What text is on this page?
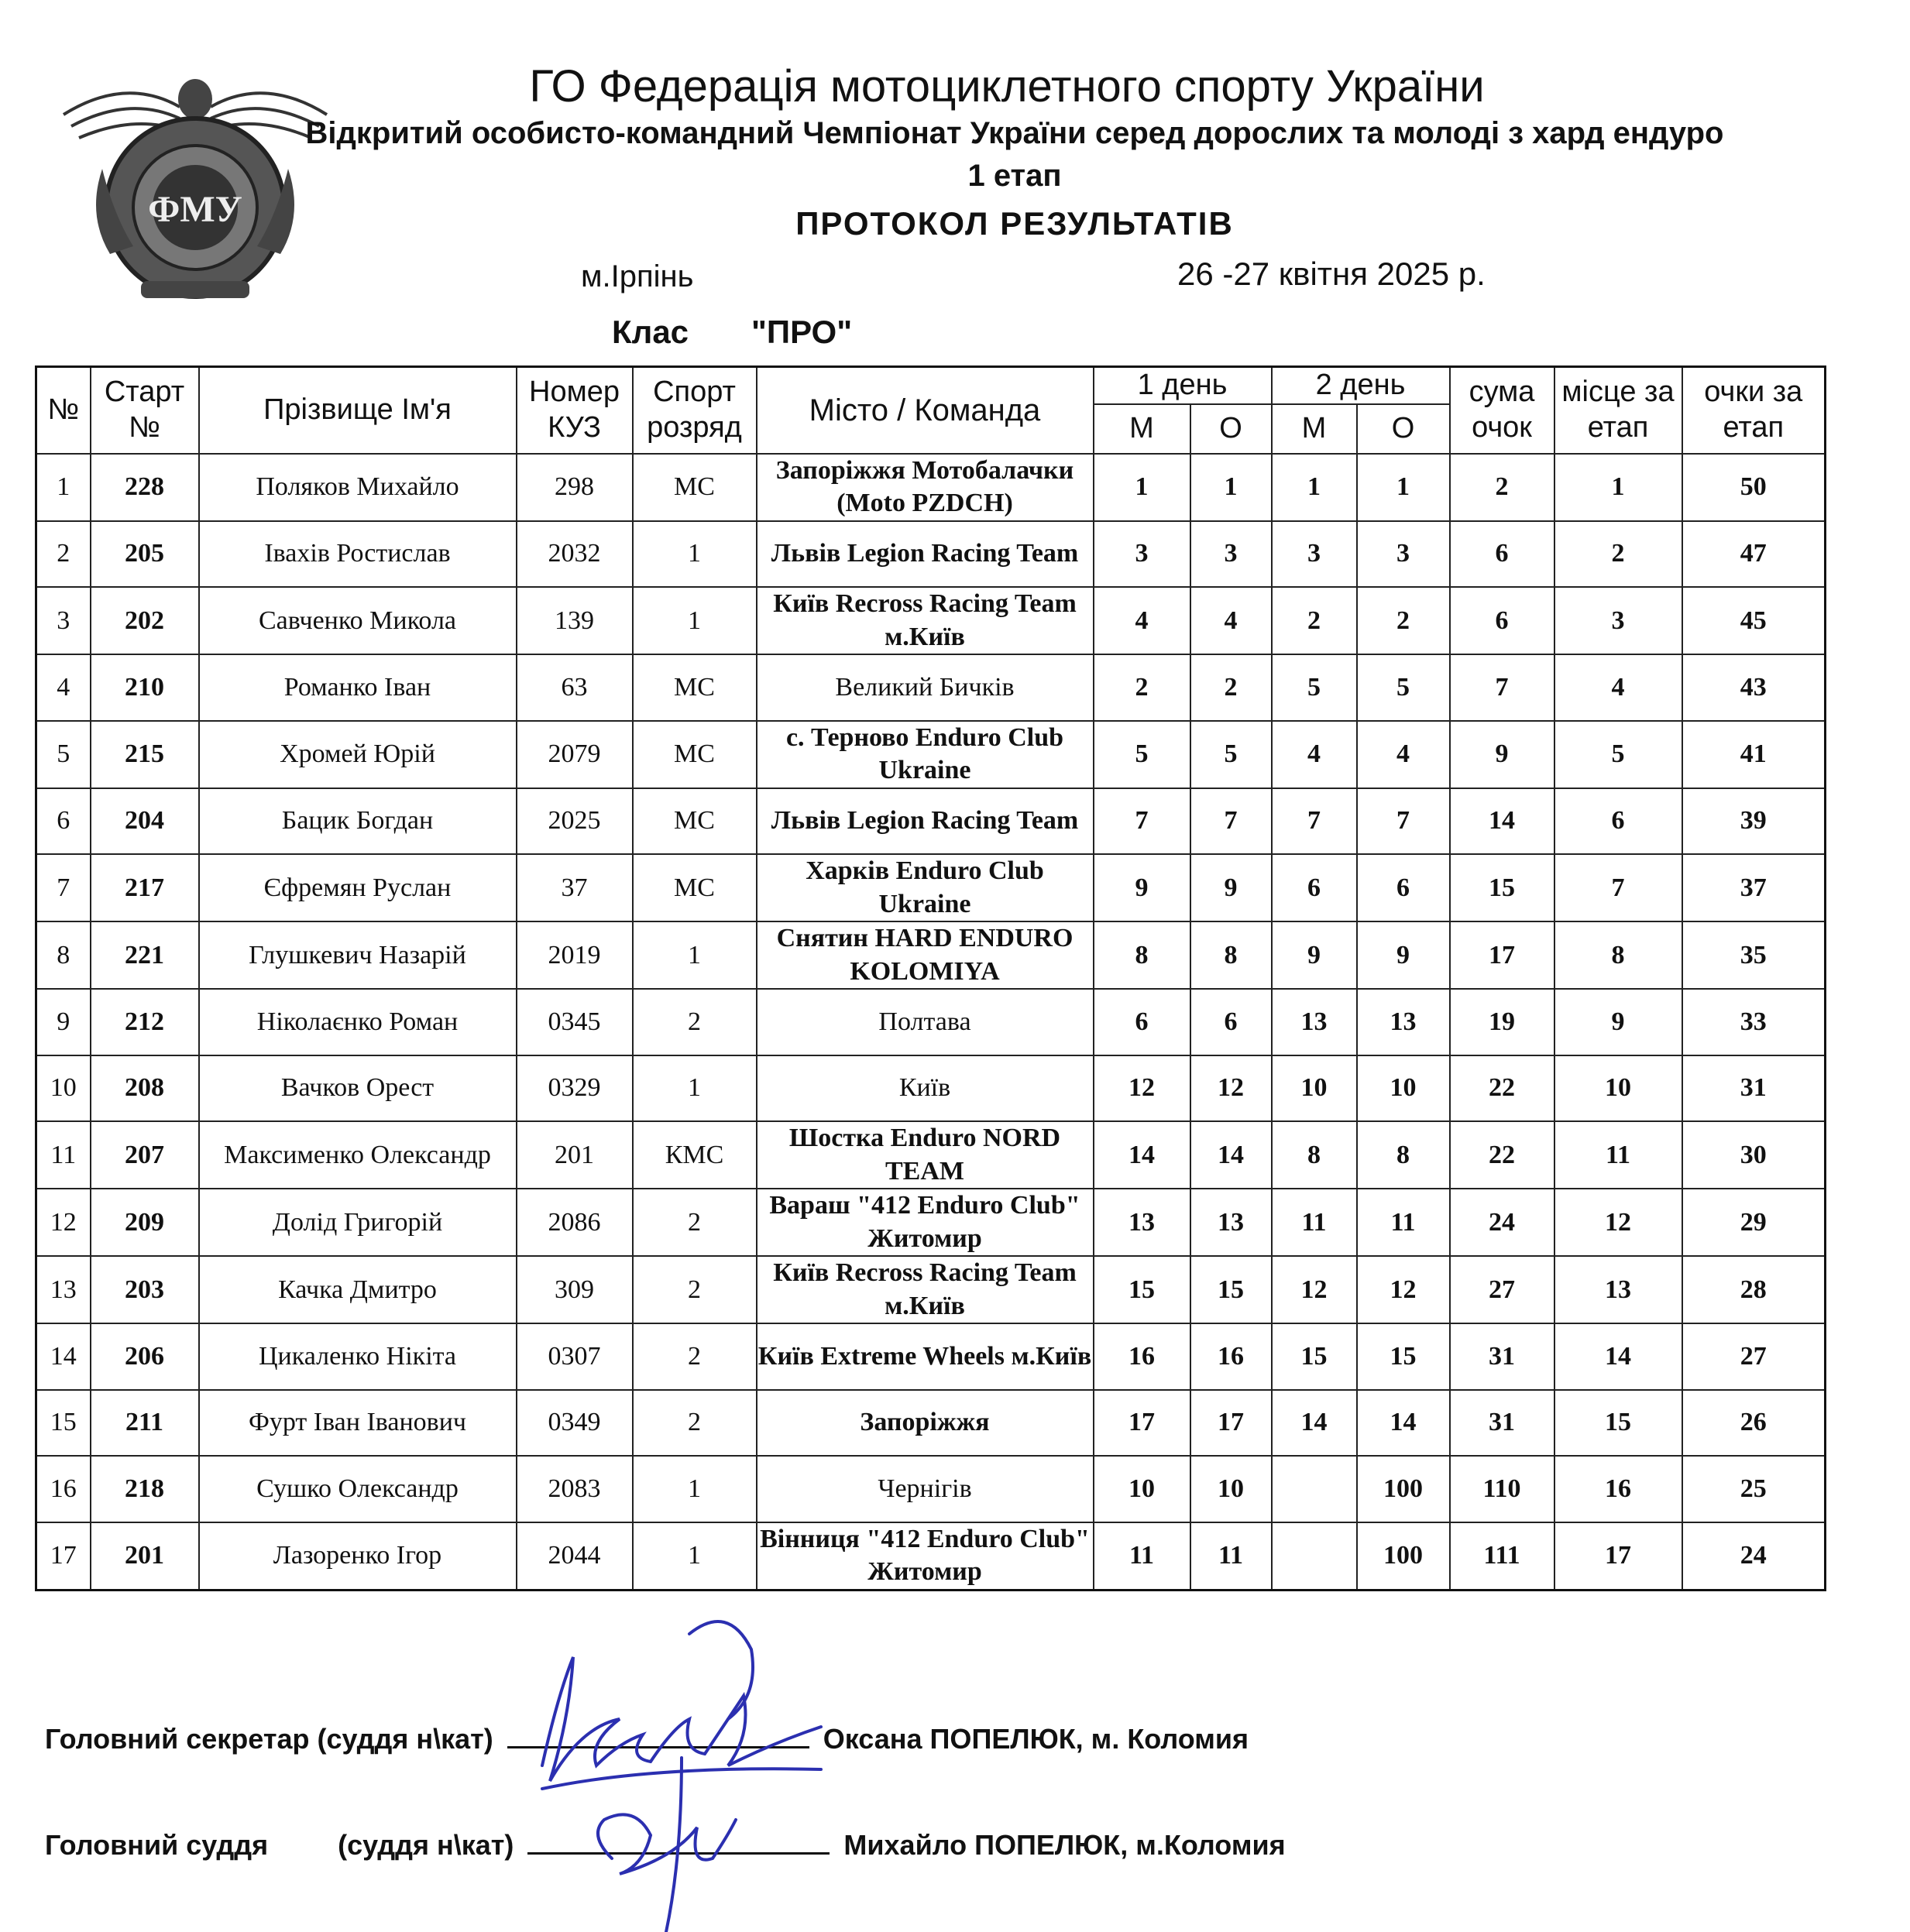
ФМУ
ГО Федерація мотоциклетного спорту України
Відкритий особисто-командний Чемпіонат України серед дорослих та молоді з хард ендуро
1 етап
ПРОТОКОЛ РЕЗУЛЬТАТІВ
м.Ірпінь	26 -27 квітня 2025 р.
Клас "ПРО"
№	Старт №	Прізвище Ім'я	Номер КУЗ	Спорт розряд	Місто / Команда	1 день		2 день		сума очок	місце за етап	очки за етап
						М	О	М	О			
1	228	Поляков Михайло	298	МС	Запоріжжя Мотобалачки (Moto PZDCH)	1	1	1	1	2	1	50
2	205	Івахів Ростислав	2032	1	Львів Legion Racing Team	3	3	3	3	6	2	47
3	202	Савченко Микола	139	1	Київ Recross Racing Team м.Київ	4	4	2	2	6	3	45
4	210	Романко Іван	63	МС	Великий Бичків	2	2	5	5	7	4	43
5	215	Хромей Юрій	2079	МС	с. Терново Enduro Club Ukraine	5	5	4	4	9	5	41
6	204	Бацик Богдан	2025	МС	Львів Legion Racing Team	7	7	7	7	14	6	39
7	217	Єфремян Руслан	37	МС	Харків Enduro Club Ukraine	9	9	6	6	15	7	37
8	221	Глушкевич Назарій	2019	1	Снятин HARD ENDURO KOLOMIYA	8	8	9	9	17	8	35
9	212	Ніколаєнко Роман	0345	2	Полтава	6	6	13	13	19	9	33
10	208	Вачков Орест	0329	1	Київ	12	12	10	10	22	10	31
11	207	Максименко Олександр	201	КМС	Шостка Enduro NORD TEAM	14	14	8	8	22	11	30
12	209	Долід Григорій	2086	2	Вараш "412 Enduro Club" Житомир	13	13	11	11	24	12	29
13	203	Качка Дмитро	309	2	Київ Recross Racing Team м.Київ	15	15	12	12	27	13	28
14	206	Цикаленко Нікіта	0307	2	Київ Extreme Wheels м.Київ	16	16	15	15	31	14	27
15	211	Фурт Іван Іванович	0349	2	Запоріжжя	17	17	14	14	31	15	26
16	218	Сушко Олександр	2083	1	Чернігів	10	10		100	110	16	25
17	201	Лазоренко Ігор	2044	1	Вінниця "412 Enduro Club" Житомир	11	11		100	111	17	24
Головний секретар (суддя н\кат)	Оксана ПОПЕЛЮК, м. Коломия
Головний суддя	(суддя н\кат)	Михайло ПОПЕЛЮК, м.Коломия
